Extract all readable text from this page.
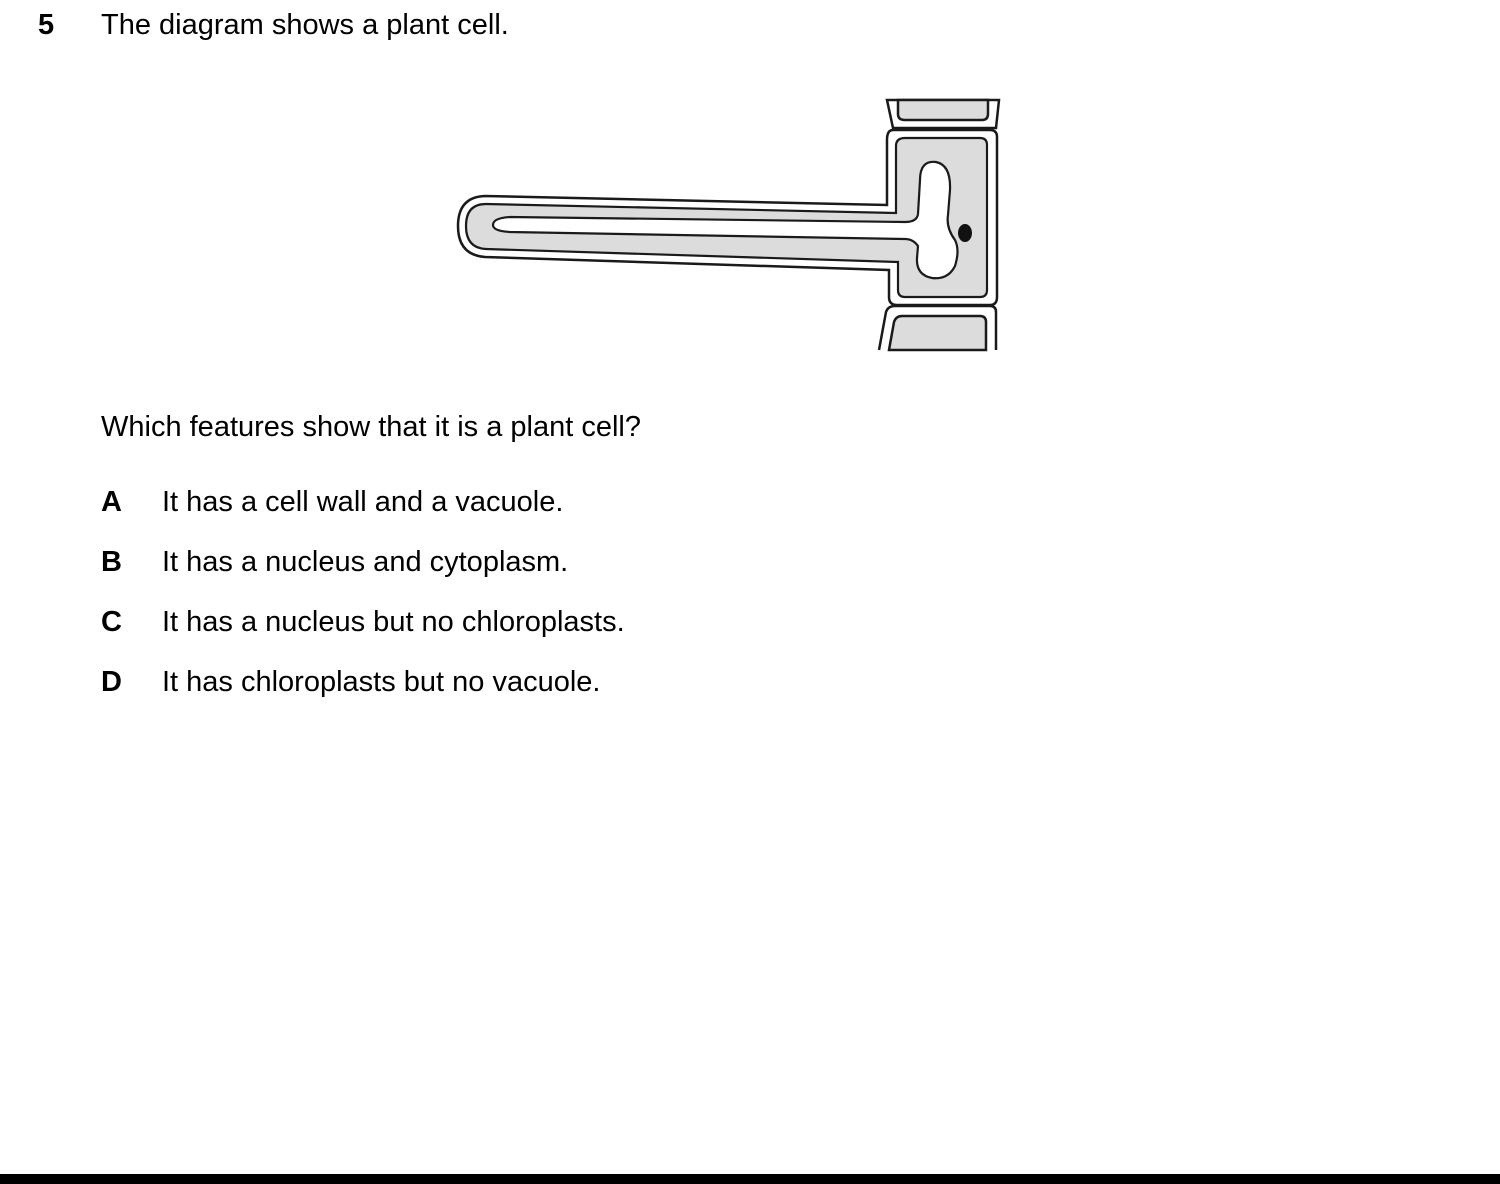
5 The diagram shows a plant cell.
Which features show that it is a plant cell?
A It has a cell wall and a vacuole.
B It has a nucleus and cytoplasm.
C It has a nucleus but no chloroplasts.
D It has chloroplasts but no vacuole.
